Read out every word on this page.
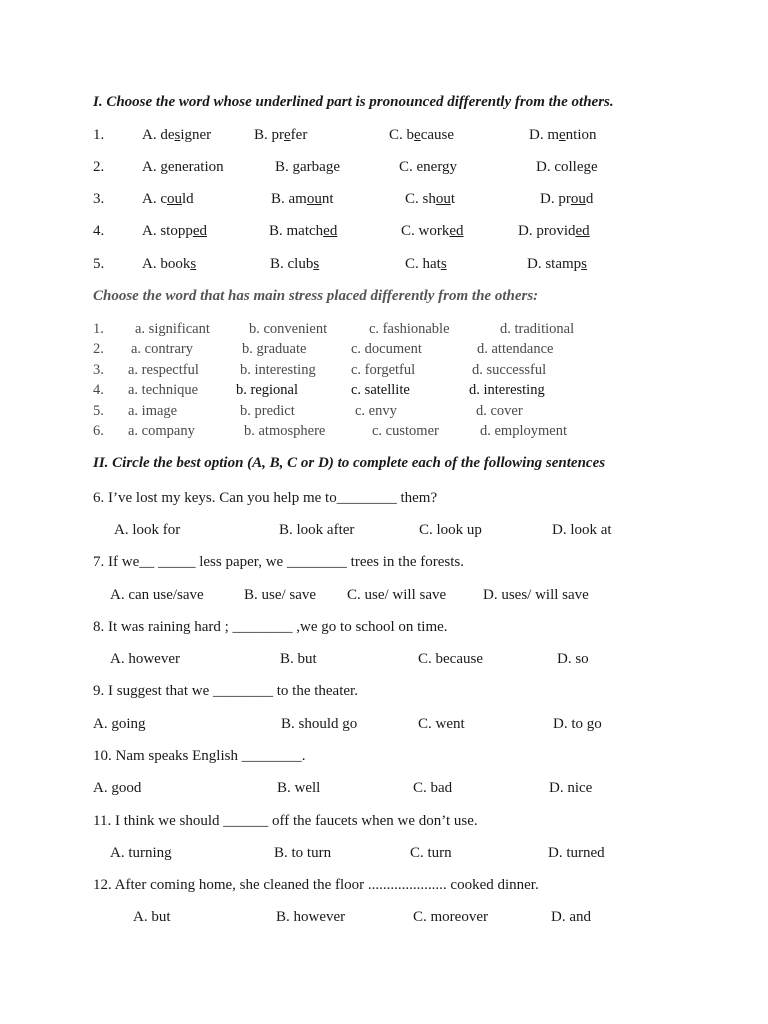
I. Choose the word whose underlined part is pronounced differently from the others.
1.	A. designer	B. prefer	C. because	D. mention
2.	A. generation	B. garbage	C. energy	D. college
3.	A. could	B. amount	C. shout	D. proud
4.	A. stopped	B. matched	C. worked	D. provided
5.	A. books	B. clubs	C. hats	D. stamps
Choose the word that has main stress placed differently from the others:
1. a. significant	b. convenient	c. fashionable	d. traditional
2. a. contrary	b. graduate	c. document	d. attendance
3. a. respectful	b. interesting c. forgetful	d. successful
4. a. technique	b. regional	c. satellite	d. interesting
5. a. image	b. predict	c. envy	d. cover
6. a. company	b. atmosphere	c. customer	d. employment
II. Circle the best option (A, B, C or D) to complete each of the following sentences
6. I’ve lost my keys. Can you help me to________ them?
A. look for	B. look after	C. look up	D. look at
7. If we__ _____ less paper, we ________ trees in the forests.
A. can use/save	B. use/ save C. use/ will save D. uses/ will save
8. It was raining hard ; ________ ,we go to school on time.
A. however	B. but	C. because	D. so
9. I suggest that we ________ to the theater.
A. going	B. should go	C. went	D. to go
10. Nam speaks English ________.
A. good	B. well	C. bad	D. nice
11. I think we should ______ off the faucets when we don’t use.
A. turning	B. to turn	C. turn	D. turned
12. After coming home, she cleaned the floor ..................... cooked dinner.
A. but	B. however	C. moreover	D. and
